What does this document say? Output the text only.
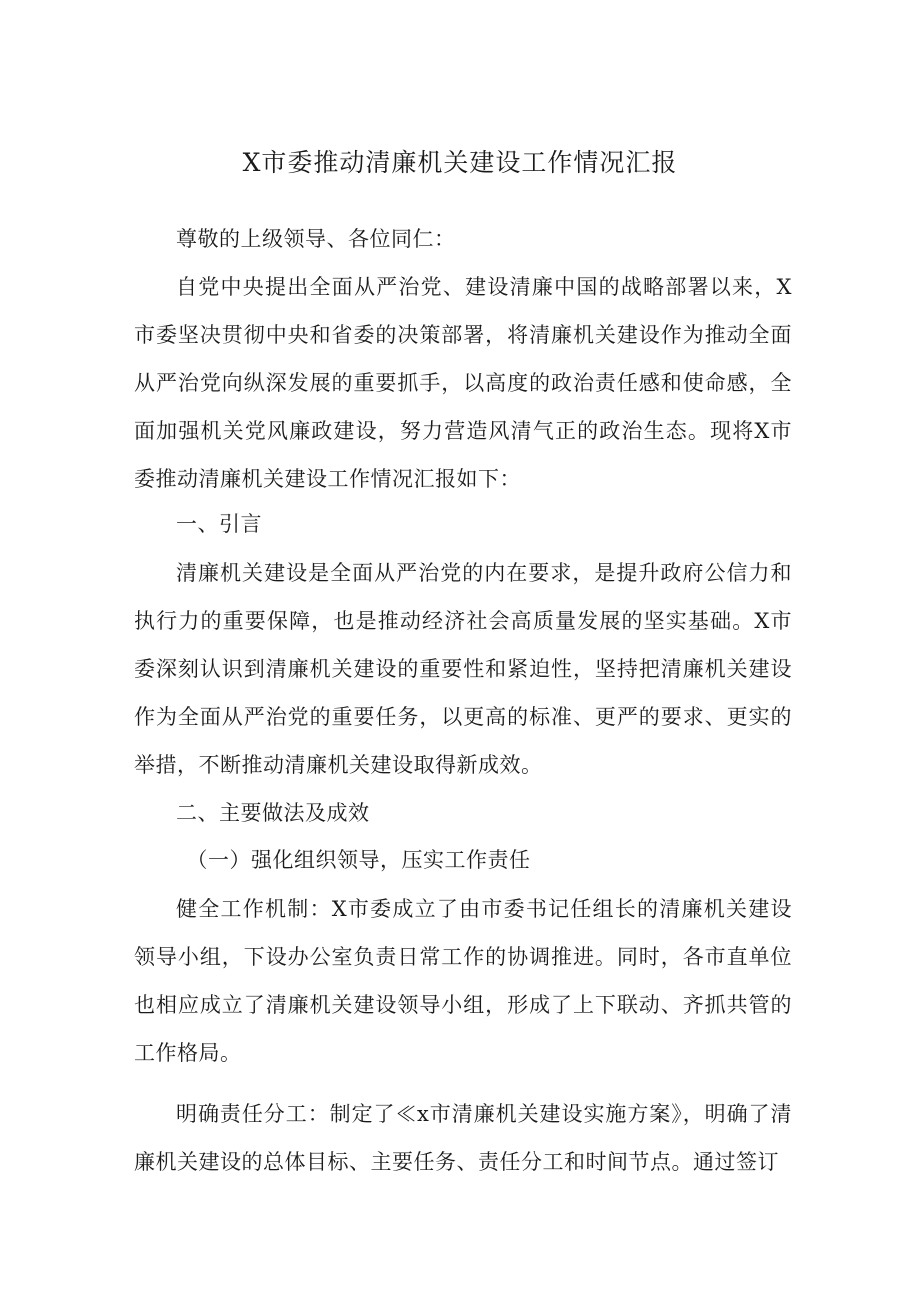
X市委推动清廉机关建设工作情况汇报
尊敬的上级领导、各位同仁：
自党中央提出全面从严治党、建设清廉中国的战略部署以来，X市委坚决贯彻中央和省委的决策部署，将清廉机关建设作为推动全面从严治党向纵深发展的重要抓手，以高度的政治责任感和使命感，全面加强机关党风廉政建设，努力营造风清气正的政治生态。现将X市委推动清廉机关建设工作情况汇报如下：
一、引言
清廉机关建设是全面从严治党的内在要求，是提升政府公信力和执行力的重要保障，也是推动经济社会高质量发展的坚实基础。X市委深刻认识到清廉机关建设的重要性和紧迫性，坚持把清廉机关建设作为全面从严治党的重要任务，以更高的标准、更严的要求、更实的举措，不断推动清廉机关建设取得新成效。
二、主要做法及成效
（一）强化组织领导，压实工作责任
健全工作机制：X市委成立了由市委书记任组长的清廉机关建设领导小组，下设办公室负责日常工作的协调推进。同时，各市直单位也相应成立了清廉机关建设领导小组，形成了上下联动、齐抓共管的工作格局。
明确责任分工：制定了≪x市清廉机关建设实施方案》，明确了清廉机关建设的总体目标、主要任务、责任分工和时间节点。通过签订
